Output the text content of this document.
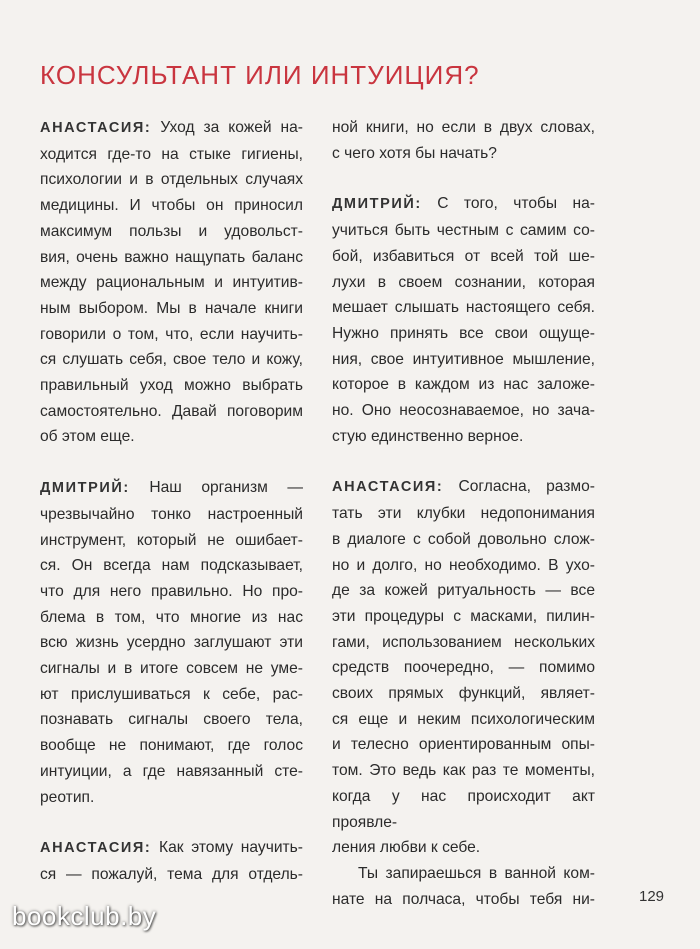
КОНСУЛЬТАНТ ИЛИ ИНТУИЦИЯ?
АНАСТАСИЯ: Уход за кожей на-
ходится где-то на стыке гигиены,
психологии и в отдельных случаях
медицины. И чтобы он приносил
максимум пользы и удовольст-
вия, очень важно нащупать баланс
между рациональным и интуитив-
ным выбором. Мы в начале книги
говорили о том, что, если научить-
ся слушать себя, свое тело и кожу,
правильный уход можно выбрать
самостоятельно. Давай поговорим
об этом еще.
ДМИТРИЙ: Наш организм —
чрезвычайно тонко настроенный
инструмент, который не ошибает-
ся. Он всегда нам подсказывает,
что для него правильно. Но про-
блема в том, что многие из нас
всю жизнь усердно заглушают эти
сигналы и в итоге совсем не уме-
ют прислушиваться к себе, рас-
познавать сигналы своего тела,
вообще не понимают, где голос
интуиции, а где навязанный сте-
реотип.
АНАСТАСИЯ: Как этому научить-
ся — пожалуй, тема для отдель-
ной книги, но если в двух словах,
с чего хотя бы начать?
ДМИТРИЙ: С того, чтобы на-
учиться быть честным с самим со-
бой, избавиться от всей той ше-
лухи в своем сознании, которая
мешает слышать настоящего себя.
Нужно принять все свои ощуще-
ния, свое интуитивное мышление,
которое в каждом из нас заложе-
но. Оно неосознаваемое, но зача-
стую единственно верное.
АНАСТАСИЯ: Согласна, размо-
тать эти клубки недопонимания
в диалоге с собой довольно слож-
но и долго, но необходимо. В ухо-
де за кожей ритуальность — все
эти процедуры с масками, пилин-
гами, использованием нескольких
средств поочередно, — помимо
своих прямых функций, являет-
ся еще и неким психологическим
и телесно ориентированным опы-
том. Это ведь как раз те моменты,
когда у нас происходит акт проявле-
ления любви к себе.
Ты запираешься в ванной ком-
нате на полчаса, чтобы тебя ни-	129
bookclub.by
